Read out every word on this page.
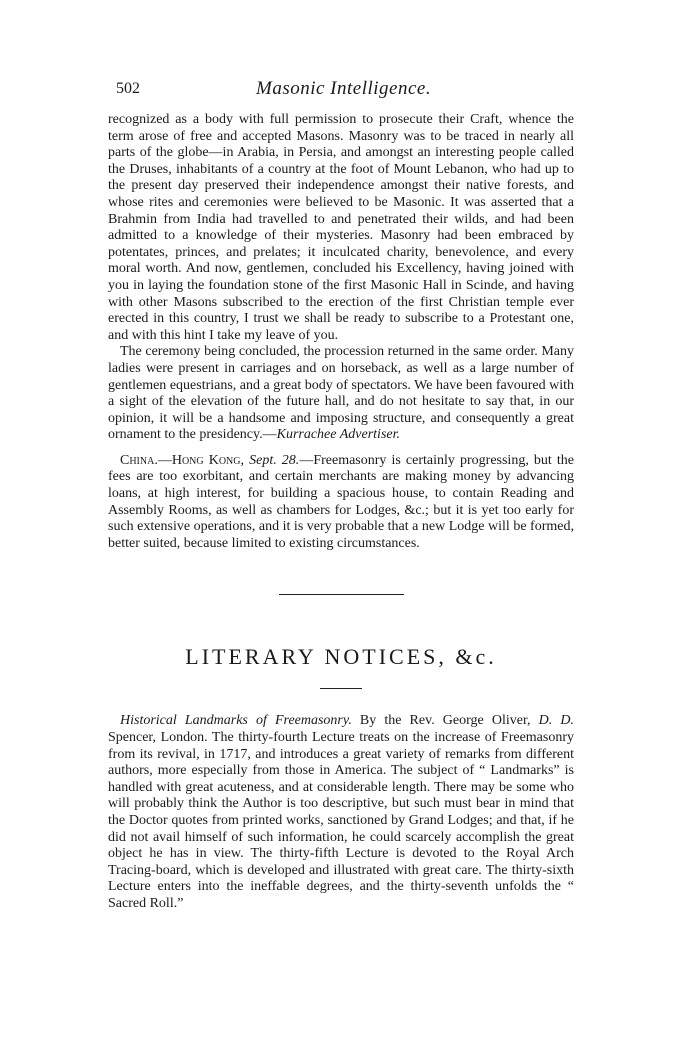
502	Masonic Intelligence.

recognized as a body with full permission to prosecute their Craft, whence the term arose of free and accepted Masons. Masonry was to be traced in nearly all parts of the globe—in Arabia, in Persia, and amongst an interesting people called the Druses, inhabitants of a country at the foot of Mount Lebanon, who had up to the present day preserved their independence amongst their native forests, and whose rites and ceremonies were believed to be Masonic. It was asserted that a Brahmin from India had travelled to and penetrated their wilds, and had been admitted to a knowledge of their mysteries. Masonry had been embraced by potentates, princes, and prelates; it inculcated charity, benevolence, and every moral worth. And now, gentlemen, concluded his Excellency, having joined with you in laying the foundation stone of the first Masonic Hall in Scinde, and having with other Masons subscribed to the erection of the first Christian temple ever erected in this country, I trust we shall be ready to subscribe to a Protestant one, and with this hint I take my leave of you.

The ceremony being concluded, the procession returned in the same order. Many ladies were present in carriages and on horseback, as well as a large number of gentlemen equestrians, and a great body of spectators. We have been favoured with a sight of the elevation of the future hall, and do not hesitate to say that, in our opinion, it will be a handsome and imposing structure, and consequently a great ornament to the presidency.—Kurrachee Advertiser.

China.—Hong Kong, Sept. 28.—Freemasonry is certainly progressing, but the fees are too exorbitant, and certain merchants are making money by advancing loans, at high interest, for building a spacious house, to contain Reading and Assembly Rooms, as well as chambers for Lodges, &c.; but it is yet too early for such extensive operations, and it is very probable that a new Lodge will be formed, better suited, because limited to existing circumstances.

LITERARY NOTICES, &c.

Historical Landmarks of Freemasonry. By the Rev. George Oliver, D. D. Spencer, London. The thirty-fourth Lecture treats on the increase of Freemasonry from its revival, in 1717, and introduces a great variety of remarks from different authors, more especially from those in America. The subject of “ Landmarks” is handled with great acuteness, and at considerable length. There may be some who will probably think the Author is too descriptive, but such must bear in mind that the Doctor quotes from printed works, sanctioned by Grand Lodges; and that, if he did not avail himself of such information, he could scarcely accomplish the great object he has in view. The thirty-fifth Lecture is devoted to the Royal Arch Tracing-board, which is developed and illustrated with great care. The thirty-sixth Lecture enters into the ineffable degrees, and the thirty-seventh unfolds the “ Sacred Roll.”
